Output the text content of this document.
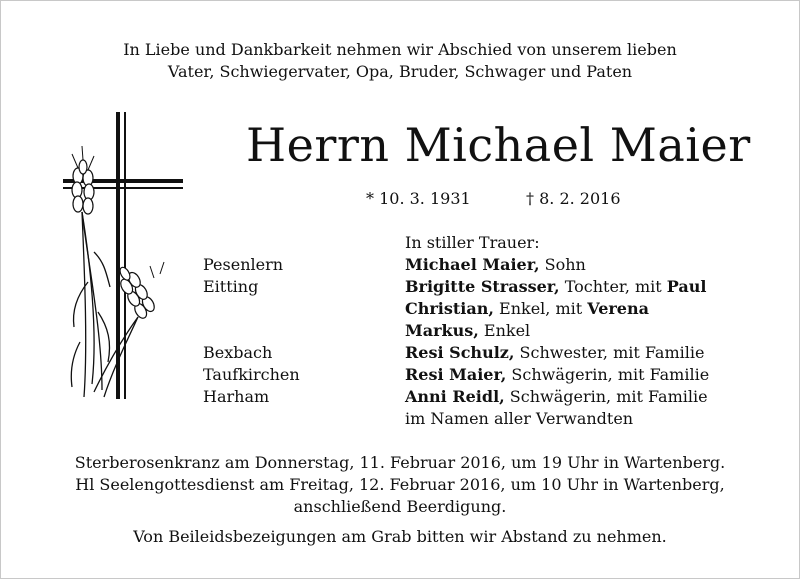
In Liebe und Dankbarkeit nehmen wir Abschied von unserem lieben
Vater, Schwiegervater, Opa, Bruder, Schwager und Paten
Herrn Michael Maier
* 10. 3. 1931	† 8. 2. 2016
In stiller Trauer:
Pesenlern	Michael Maier, Sohn
Eitting	Brigitte Strasser, Tochter, mit Paul
Christian, Enkel, mit Verena
Markus, Enkel
Bexbach	Resi Schulz, Schwester, mit Familie
Taufkirchen	Resi Maier, Schwägerin, mit Familie
Harham	Anni Reidl, Schwägerin, mit Familie
im Namen aller Verwandten
Sterberosenkranz am Donnerstag, 11. Februar 2016, um 19 Uhr in Wartenberg.
Hl Seelengottesdienst am Freitag, 12. Februar 2016, um 10 Uhr in Wartenberg,
anschließend Beerdigung.
Von Beileidsbezeigungen am Grab bitten wir Abstand zu nehmen.
